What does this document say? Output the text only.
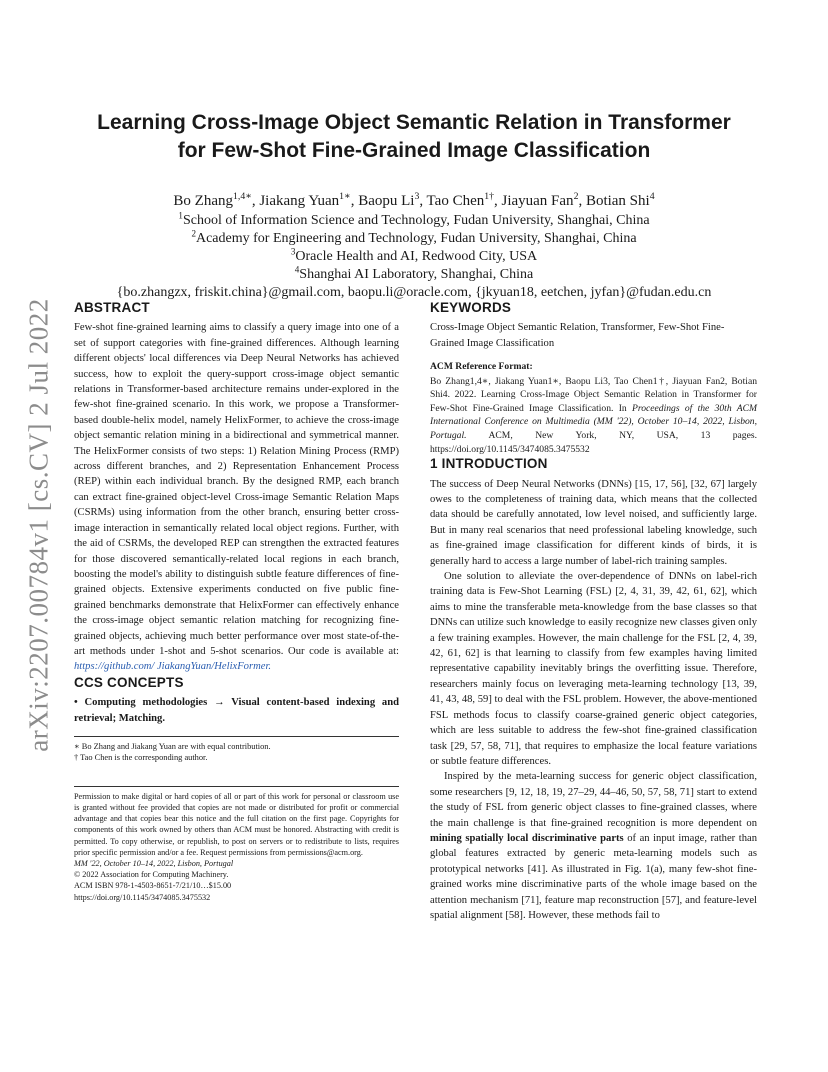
arXiv:2207.00784v1 [cs.CV] 2 Jul 2022
Learning Cross-Image Object Semantic Relation in Transformer
for Few-Shot Fine-Grained Image Classification
Bo Zhang$^{1,4∗}$, Jiakang Yuan$^{1∗}$, Baopu Li$^3$, Tao Chen$^{1\dagger}$, Jiayuan Fan$^2$, Botian Shi$^4$
$^1$School of Information Science and Technology, Fudan University, Shanghai, China
$^2$Academy for Engineering and Technology, Fudan University, Shanghai, China
$^3$Oracle Health and AI, Redwood City, USA
$^4$Shanghai AI Laboratory, Shanghai, China
{bo.zhangzx, friskit.china}@gmail.com, baopu.li@oracle.com, {jkyuan18, eetchen, jyfan}@fudan.edu.cn
ABSTRACT

Few-shot fine-grained learning aims to classify a query image into one of a set of support categories with fine-grained differences. Although learning different objects' local differences via Deep Neural Networks has achieved success, how to exploit the query-support cross-image object semantic relations in Transformer-based architecture remains under-explored in the few-shot fine-grained scenario. In this work, we propose a Transformer-based double-helix model, namely HelixFormer, to achieve the cross-image object semantic relation mining in a bidirectional and symmetrical manner. The HelixFormer consists of two steps: 1) Relation Mining Process (RMP) across different branches, and 2) Representation Enhancement Process (REP) within each individual branch. By the designed RMP, each branch can extract fine-grained object-level Cross-image Semantic Relation Maps (CSRMs) using information from the other branch, ensuring better cross-image interaction in semantically related local object regions. Further, with the aid of CSRMs, the developed REP can strengthen the extracted features for those discovered semantically-related local regions in each branch, boosting the model's ability to distinguish subtle feature differences of fine-grained objects. Extensive experiments conducted on five public fine-grained benchmarks demonstrate that HelixFormer can effectively enhance the cross-image object semantic relation matching for recognizing fine-grained objects, achieving much better performance over most state-of-the-art methods under 1-shot and 5-shot scenarios. Our code is available at: https://github.com/ JiakangYuan/HelixFormer.

CCS CONCEPTS

• Computing methodologies → Visual content-based indexing and retrieval; Matching.

∗ Bo Zhang and Jiakang Yuan are with equal contribution.
† Tao Chen is the corresponding author.
Permission to make digital or hard copies of all or part of this work for personal or classroom use is granted without fee provided that copies are not made or distributed for profit or commercial advantage and that copies bear this notice and the full citation on the first page. Copyrights for components of this work owned by others than ACM must be honored. Abstracting with credit is permitted. To copy otherwise, or republish, to post on servers or to redistribute to lists, requires prior specific permission and/or a fee. Request permissions from permissions@acm.org.
MM '22, October 10–14, 2022, Lisbon, Portugal
© 2022 Association for Computing Machinery.
ACM ISBN 978-1-4503-8651-7/21/10…$15.00
https://doi.org/10.1145/3474085.3475532
KEYWORDS

Cross-Image Object Semantic Relation, Transformer, Few-Shot Fine-Grained Image Classification

ACM Reference Format:
Bo Zhang1,4∗, Jiakang Yuan1∗, Baopu Li3, Tao Chen1†, Jiayuan Fan2, Botian Shi4. 2022. Learning Cross-Image Object Semantic Relation in Transformer for Few-Shot Fine-Grained Image Classification. In Proceedings of the 30th ACM International Conference on Multimedia (MM '22), October 10–14, 2022, Lisbon, Portugal. ACM, New York, NY, USA, 13 pages. https://doi.org/10.1145/3474085.3475532
1 INTRODUCTION

The success of Deep Neural Networks (DNNs) [15, 17, 56], [32, 67] largely owes to the completeness of training data, which means that the collected data should be carefully annotated, low level noised, and sufficiently large. But in many real scenarios that need professional labeling knowledge, such as fine-grained image classification for different kinds of birds, it is generally hard to access a large number of label-rich training samples.

One solution to alleviate the over-dependence of DNNs on label-rich training data is Few-Shot Learning (FSL) [2, 4, 31, 39, 42, 61, 62], which aims to mine the transferable meta-knowledge from the base classes so that DNNs can utilize such knowledge to easily recognize new classes given only a few training examples. However, the main challenge for the FSL [2, 4, 39, 42, 61, 62] is that learning to classify from few examples having limited representative capability inevitably brings the overfitting issue. Therefore, researchers mainly focus on leveraging meta-learning technology [13, 39, 41, 43, 48, 59] to deal with the FSL problem. However, the above-mentioned FSL methods focus to classify coarse-grained generic object categories, which are less suitable to address the few-shot fine-grained classification task [29, 57, 58, 71], that requires to emphasize the local feature variations or subtle feature differences.

Inspired by the meta-learning success for generic object classification, some researchers [9, 12, 18, 19, 27–29, 44–46, 50, 57, 58, 71] start to extend the study of FSL from generic object classes to fine-grained classes, where the main challenge is that fine-grained recognition is more dependent on mining spatially local discriminative parts of an input image, rather than global features extracted by generic meta-learning models such as prototypical networks [41]. As illustrated in Fig. 1(a), many few-shot fine-grained works mine discriminative parts of the whole image based on the attention mechanism [71], feature map reconstruction [57], and feature-level spatial alignment [58]. However, these methods fail to
